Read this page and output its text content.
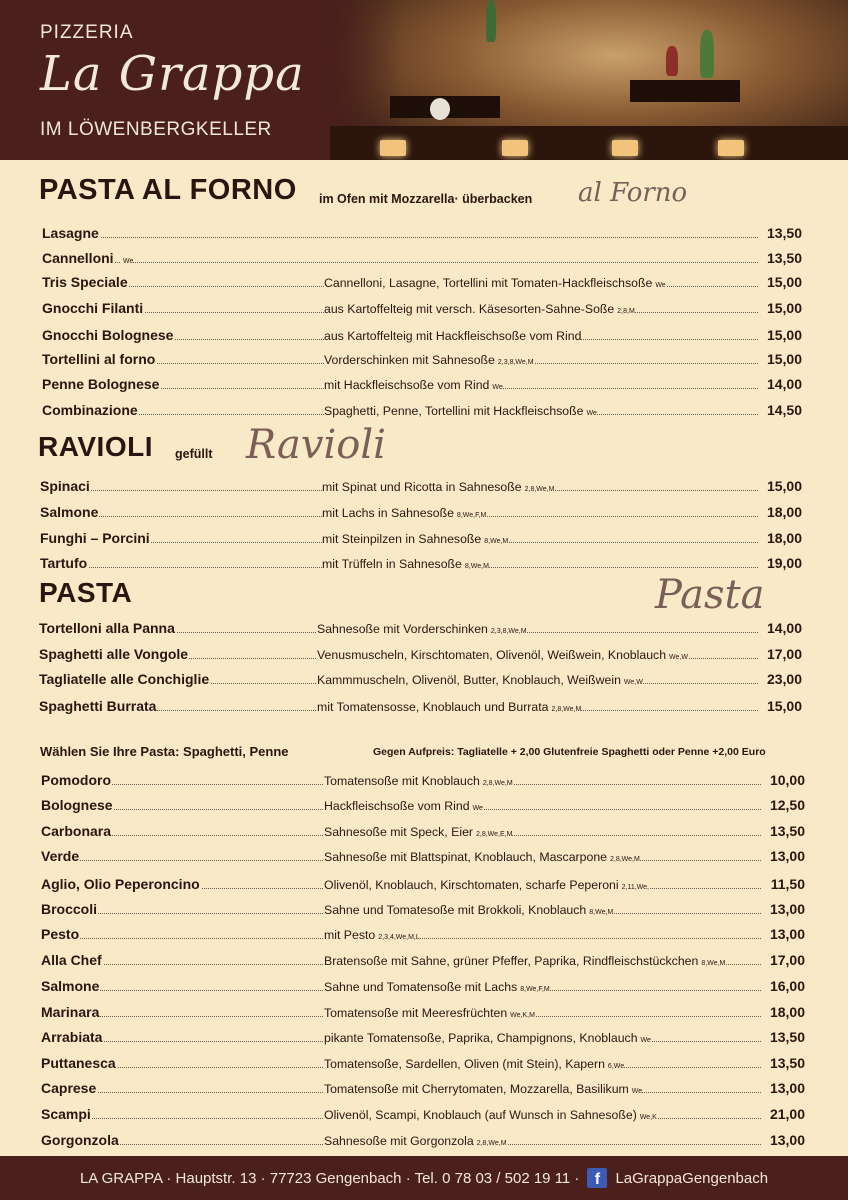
PIZZERIA
La Grappa
IM LÖWENBERGKELLER
PASTA AL FORNO im Ofen mit Mozzarella· überbacken al Forno
Lasagne	13,50
Cannelloni	We	13,50
Tris Speciale	Cannelloni, Lasagne, Tortellini mit Tomaten-Hackfleischsoße We	15,00
Gnocchi Filanti	aus Kartoffelteig mit versch. Käsesorten-Sahne-Soße 2,8,M	15,00
Gnocchi Bolognese	aus Kartoffelteig mit Hackfleischsoße vom Rind	15,00
Tortellini al forno	Vorderschinken mit Sahnesoße 2,3,8,We,M	15,00
Penne Bolognese	mit Hackfleischsoße vom Rind We	14,00
Combinazione	Spaghetti, Penne, Tortellini mit Hackfleischsoße We	14,50
RAVIOLI gefüllt Ravioli
Spinaci	mit Spinat und Ricotta in Sahnesoße 2,8,We,M	15,00
Salmone	mit Lachs in Sahnesoße 8,We,F,M	18,00
Funghi – Porcini	mit Steinpilzen in Sahnesoße 8,We,M	18,00
Tartufo	mit Trüffeln in Sahnesoße 8,We,M	19,00
PASTA	Pasta
Tortelloni alla Panna	Sahnesoße mit Vorderschinken 2,3,8,We,M	14,00
Spaghetti alle Vongole	Venusmuscheln, Kirschtomaten, Olivenöl, Weißwein, Knoblauch We,W	17,00
Tagliatelle alle Conchiglie	Kammmuscheln, Olivenöl, Butter, Knoblauch, Weißwein We,W	23,00
Spaghetti Burrata	mit Tomatensosse, Knoblauch und Burrata 2,8,We,M	15,00
Wählen Sie Ihre Pasta: Spaghetti, Penne	Gegen Aufpreis: Tagliatelle + 2,00 Glutenfreie Spaghetti oder Penne +2,00 Euro
Pomodoro	Tomatensoße mit Knoblauch 2,8,We,M	10,00
Bolognese	Hackfleischsoße vom Rind We	12,50
Carbonara	Sahnesoße mit Speck, Eier 2,8,We,E,M	13,50
Verde	Sahnesoße mit Blattspinat, Knoblauch, Mascarpone 2,8,We,M	13,00
Aglio, Olio Peperoncino	Olivenöl, Knoblauch, Kirschtomaten, scharfe Peperoni 2,11,We,	11,50
Broccoli	Sahne und Tomatesoße mit Brokkoli, Knoblauch 8,We,M	13,00
Pesto	mit Pesto 2,3,4,We,M,L	13,00
Alla Chef	Bratensoße mit Sahne, grüner Pfeffer, Paprika, Rindfleischstückchen 8,We,M	17,00
Salmone	Sahne und Tomatensoße mit Lachs 8,We,F,M	16,00
Marinara	Tomatensoße mit Meeresfrüchten We,K,M	18,00
Arrabiata	pikante Tomatensoße, Paprika, Champignons, Knoblauch We	13,50
Puttanesca	Tomatensoße, Sardellen, Oliven (mit Stein), Kapern 6,We	13,50
Caprese	Tomatensoße mit Cherrytomaten, Mozzarella, Basilikum We	13,00
Scampi	Olivenöl, Scampi, Knoblauch (auf Wunsch in Sahnesoße) We,K	21,00
Gorgonzola	Sahnesoße mit Gorgonzola 2,8,We,M	13,00
LA GRAPPA · Hauptstr. 13 · 77723 Gengenbach · Tel. 0 78 03 / 502 19 11 · f	LaGrappaGengenbach
